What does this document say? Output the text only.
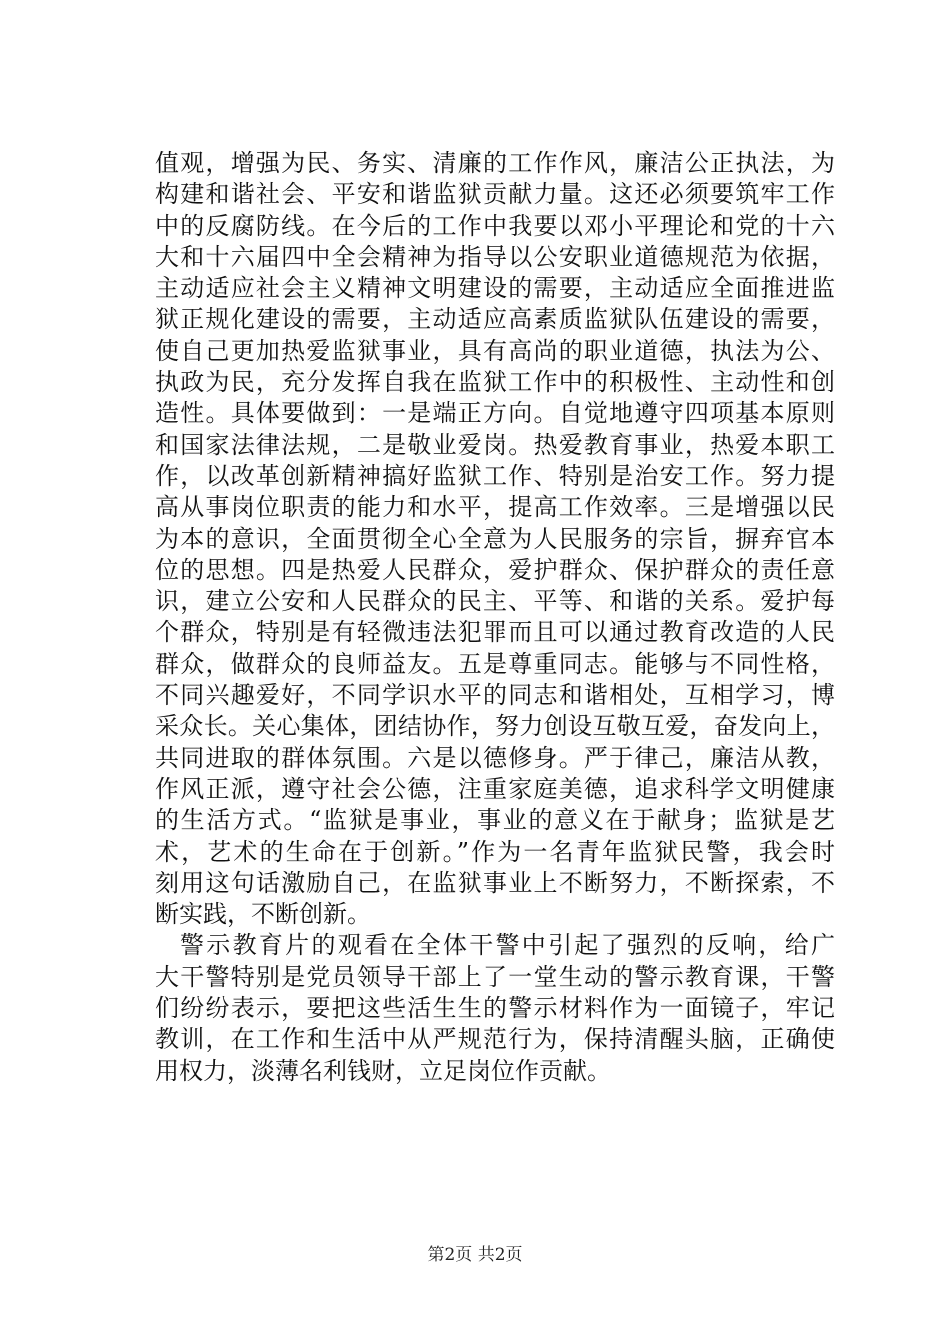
值观，增强为民、务实、清廉的工作作风，廉洁公正执法，为
构建和谐社会、平安和谐监狱贡献力量。这还必须要筑牢工作
中的反腐防线。在今后的工作中我要以邓小平理论和党的十六
大和十六届四中全会精神为指导以公安职业道德规范为依据，
主动适应社会主义精神文明建设的需要，主动适应全面推进监
狱正规化建设的需要，主动适应高素质监狱队伍建设的需要，
使自己更加热爱监狱事业，具有高尚的职业道德，执法为公、
执政为民，充分发挥自我在监狱工作中的积极性、主动性和创
造性。具体要做到：一是端正方向。自觉地遵守四项基本原则
和国家法律法规，二是敬业爱岗。热爱教育事业，热爱本职工
作，以改革创新精神搞好监狱工作、特别是治安工作。努力提
高从事岗位职责的能力和水平，提高工作效率。三是增强以民
为本的意识，全面贯彻全心全意为人民服务的宗旨，摒弃官本
位的思想。四是热爱人民群众，爱护群众、保护群众的责任意
识，建立公安和人民群众的民主、平等、和谐的关系。爱护每
个群众，特别是有轻微违法犯罪而且可以通过教育改造的人民
群众，做群众的良师益友。五是尊重同志。能够与不同性格，
不同兴趣爱好，不同学识水平的同志和谐相处，互相学习，博
采众长。关心集体，团结协作，努力创设互敬互爱，奋发向上，
共同进取的群体氛围。六是以德修身。严于律己，廉洁从教，
作风正派，遵守社会公德，注重家庭美德，追求科学文明健康
的生活方式。“监狱是事业，事业的意义在于献身；监狱是艺
术，艺术的生命在于创新。”作为一名青年监狱民警，我会时
刻用这句话激励自己，在监狱事业上不断努力，不断探索，不
断实践，不断创新。
警示教育片的观看在全体干警中引起了强烈的反响，给广
大干警特别是党员领导干部上了一堂生动的警示教育课，干警
们纷纷表示，要把这些活生生的警示材料作为一面镜子，牢记
教训，在工作和生活中从严规范行为，保持清醒头脑，正确使
用权力，淡薄名利钱财，立足岗位作贡献。
第2页 共2页
